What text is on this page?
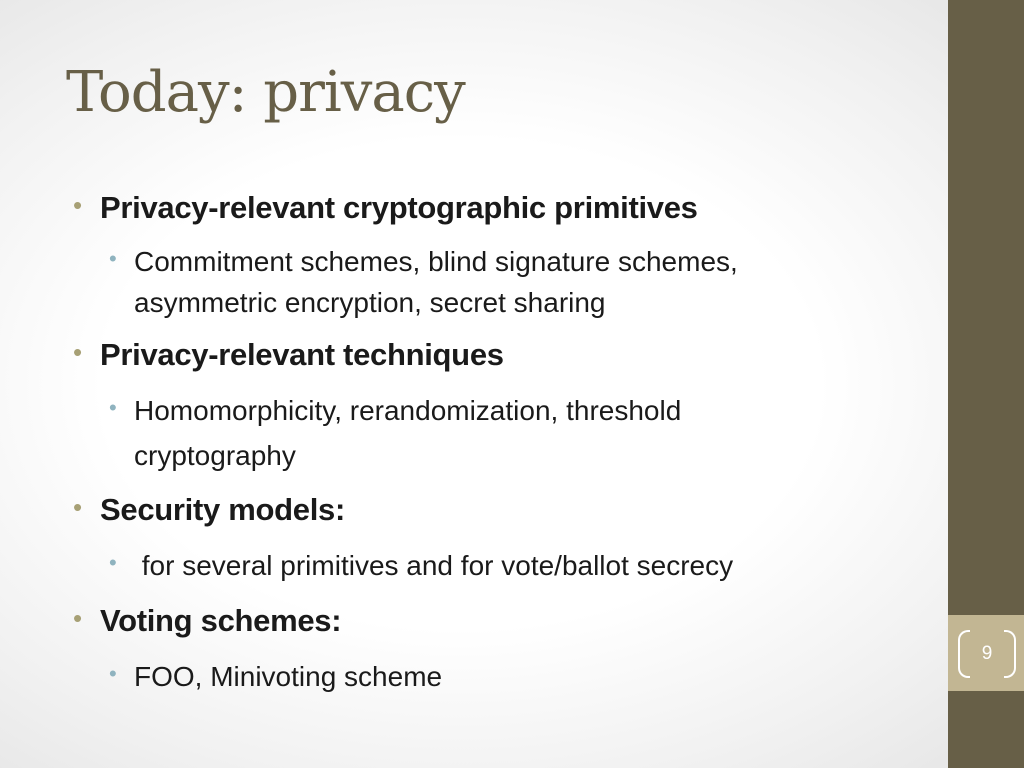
9
Today: privacy
• Privacy-relevant cryptographic primitives
• Commitment schemes, blind signature schemes,
asymmetric encryption, secret sharing
• Privacy-relevant techniques
• Homomorphicity, rerandomization, threshold
cryptography
• Security models:
• for several primitives and for vote/ballot secrecy
• Voting schemes:
• FOO, Minivoting scheme
